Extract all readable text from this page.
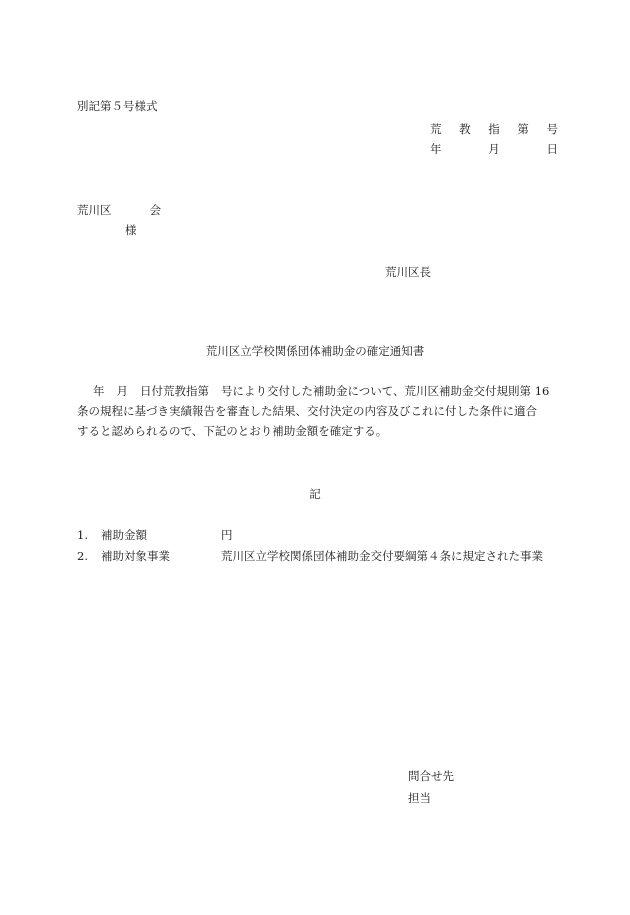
別記第５号様式
荒 教 指 第 号
年	月	日
荒川区	会
様
荒川区長
荒川区立学校関係団体補助金の確定通知書
年 月 日付荒教指第 号により交付した補助金について、荒川区補助金交付規則第 16
条の規程に基づき実績報告を審査した結果、交付決定の内容及びこれに付した条件に適合
すると認められるので、下記のとおり補助金額を確定する。
記
1. 補助金額	円
2. 補助対象事業	荒川区立学校関係団体補助金交付要綱第４条に規定された事業
問合せ先
担当
